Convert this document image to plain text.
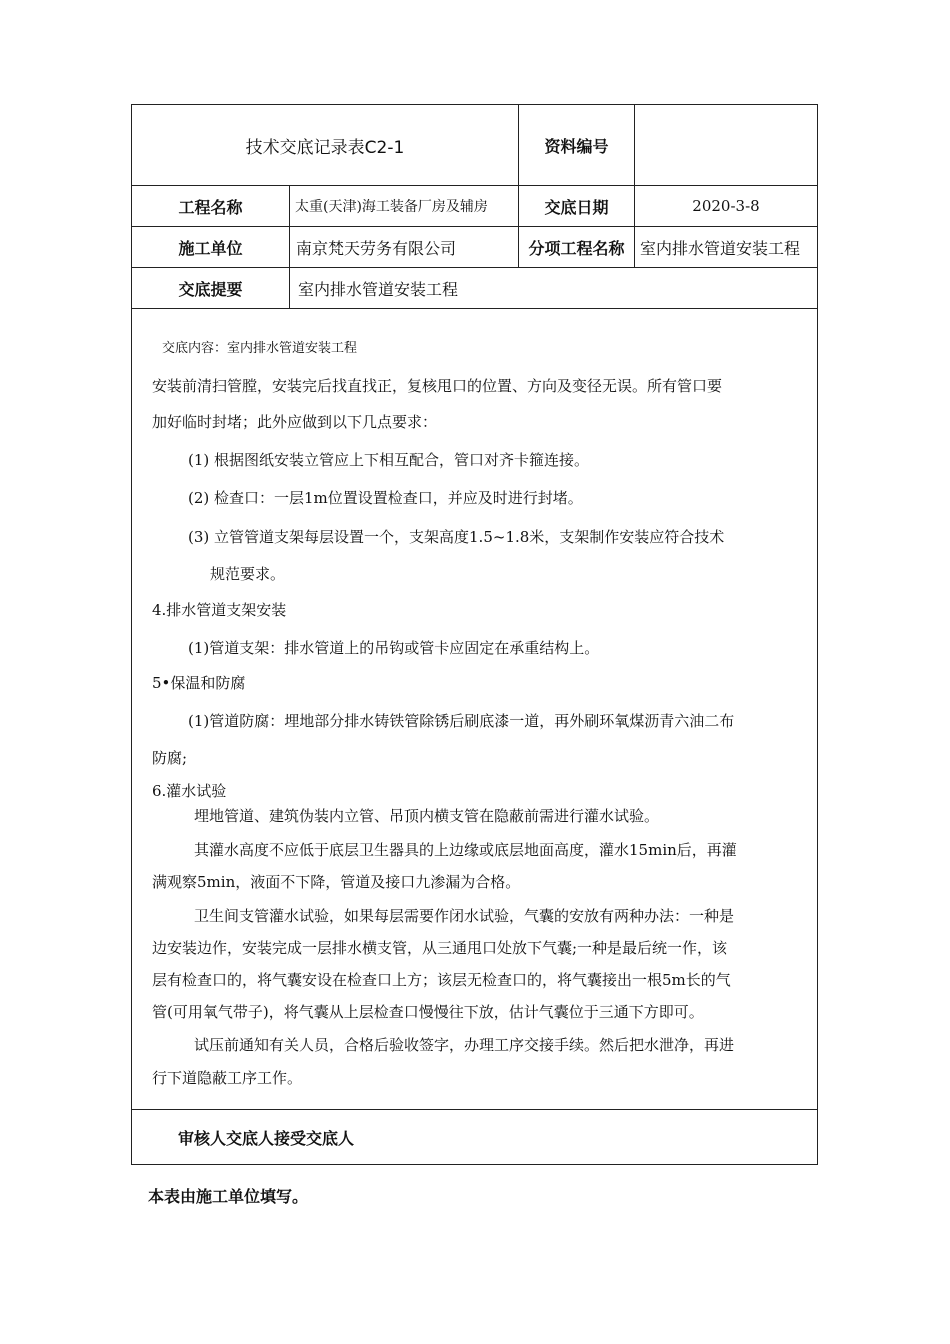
技术交底记录表C2-1	资料编号
工程名称	太重(天津)海工装备厂房及辅房	交底日期	2020-3-8
施工单位	南京梵天劳务有限公司	分项工程名称 室内排水管道安装工程
交底提要	室内排水管道安装工程
交底内容：室内排水管道安装工程
安装前清扫管膛，安装完后找直找正，复核甩口的位置、方向及变径无误。所有管口要
加好临时封堵；此外应做到以下几点要求：
(1) 根据图纸安装立管应上下相互配合，管口对齐卡箍连接。
(2) 检查口：一层1m位置设置检查口，并应及时进行封堵。
(3) 立管管道支架每层设置一个，支架高度1.5~1.8米，支架制作安装应符合技术
规范要求。
4.排水管道支架安装
(1)管道支架：排水管道上的吊钩或管卡应固定在承重结构上。
5•保温和防腐
(1)管道防腐：埋地部分排水铸铁管除锈后刷底漆一道，再外刷环氧煤沥青六油二布
防腐;
6.灌水试验
埋地管道、建筑伪装内立管、吊顶内横支管在隐蔽前需进行灌水试验。
其灌水高度不应低于底层卫生器具的上边缘或底层地面高度，灌水15min后，再灌
满观察5min，液面不下降，管道及接口九渗漏为合格。
卫生间支管灌水试验，如果每层需要作闭水试验，气囊的安放有两种办法：一种是
边安装边作，安装完成一层排水横支管，从三通甩口处放下气囊;一种是最后统一作，该
层有检查口的，将气囊安设在检查口上方；该层无检查口的，将气囊接出一根5m长的气
管(可用氧气带子)，将气囊从上层检查口慢慢往下放，估计气囊位于三通下方即可。
试压前通知有关人员，合格后验收签字，办理工序交接手续。然后把水泄净，再进
行下道隐蔽工序工作。
审核人交底人接受交底人
本表由施工单位填写。
